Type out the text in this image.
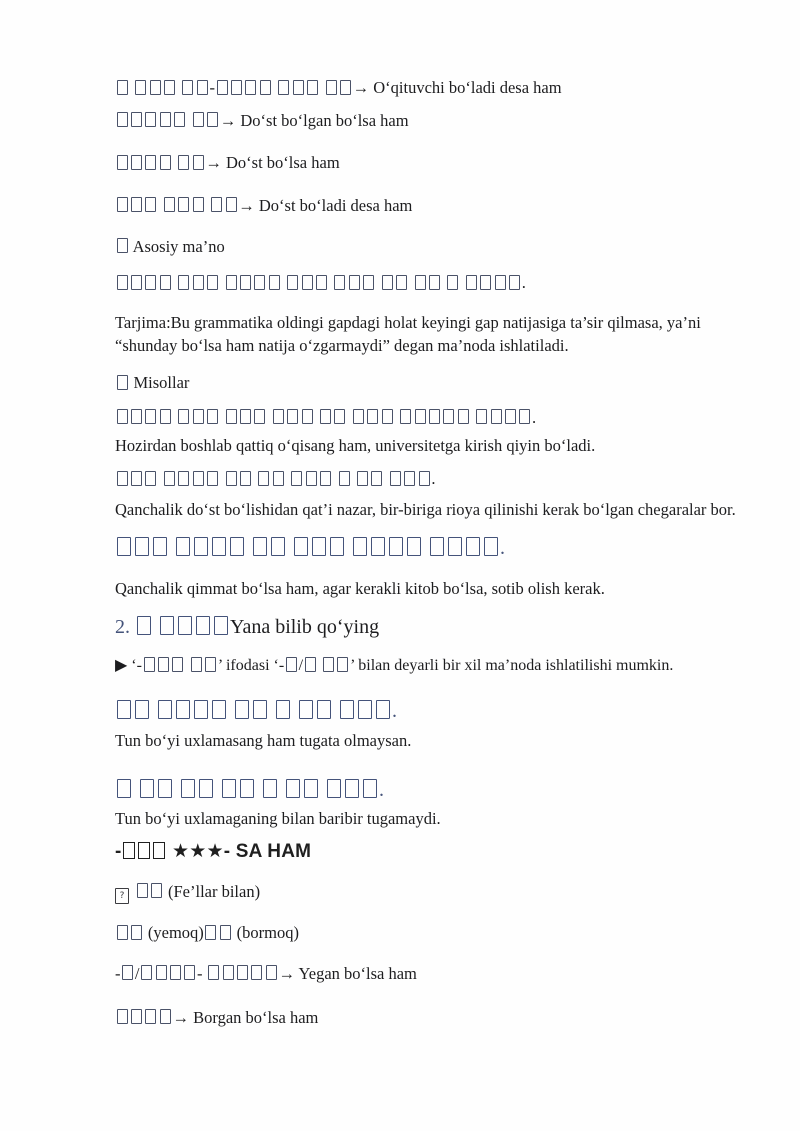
-	→ O‘qituvchi bo‘ladi desa ham

→ Do‘st bo‘lgan bo‘lsa ham

→ Do‘st bo‘lsa ham

→ Do‘st bo‘ladi desa ham

Asosiy ma’no

.

Tarjima:Bu grammatika oldingi gapdagi holat keyingi gap natijasiga ta’sir qilmasa, ya’ni “shunday bo‘lsa ham natija o‘zgarmaydi” degan ma’noda ishlatiladi.

Misollar

.

Hozirdan boshlab qattiq o‘qisang ham, universitetga kirish qiyin bo‘ladi.

.

Qanchalik do‘st bo‘lishidan qat’i nazar, bir-biriga rioya qilinishi kerak bo‘lgan chegaralar bor.

.

Qanchalik qimmat bo‘lsa ham, agar kerakli kitob bo‘lsa, sotib olish kerak.

2.	Yana bilib qo‘ying

▶ ‘-	’ ifodasi ‘- /	’ bilan deyarli bir xil ma’noda ishlatilishi mumkin.

.

Tun bo‘yi uxlamasang ham tugata olmaysan.

.

Tun bo‘yi uxlamaganing bilan baribir tugamaydi.

- ★★★- SA HAM

?  (Fe’llar bilan)

(yemoq) (bormoq)

- /	-	→ Yegan bo‘lsa ham

→ Borgan bo‘lsa ham
